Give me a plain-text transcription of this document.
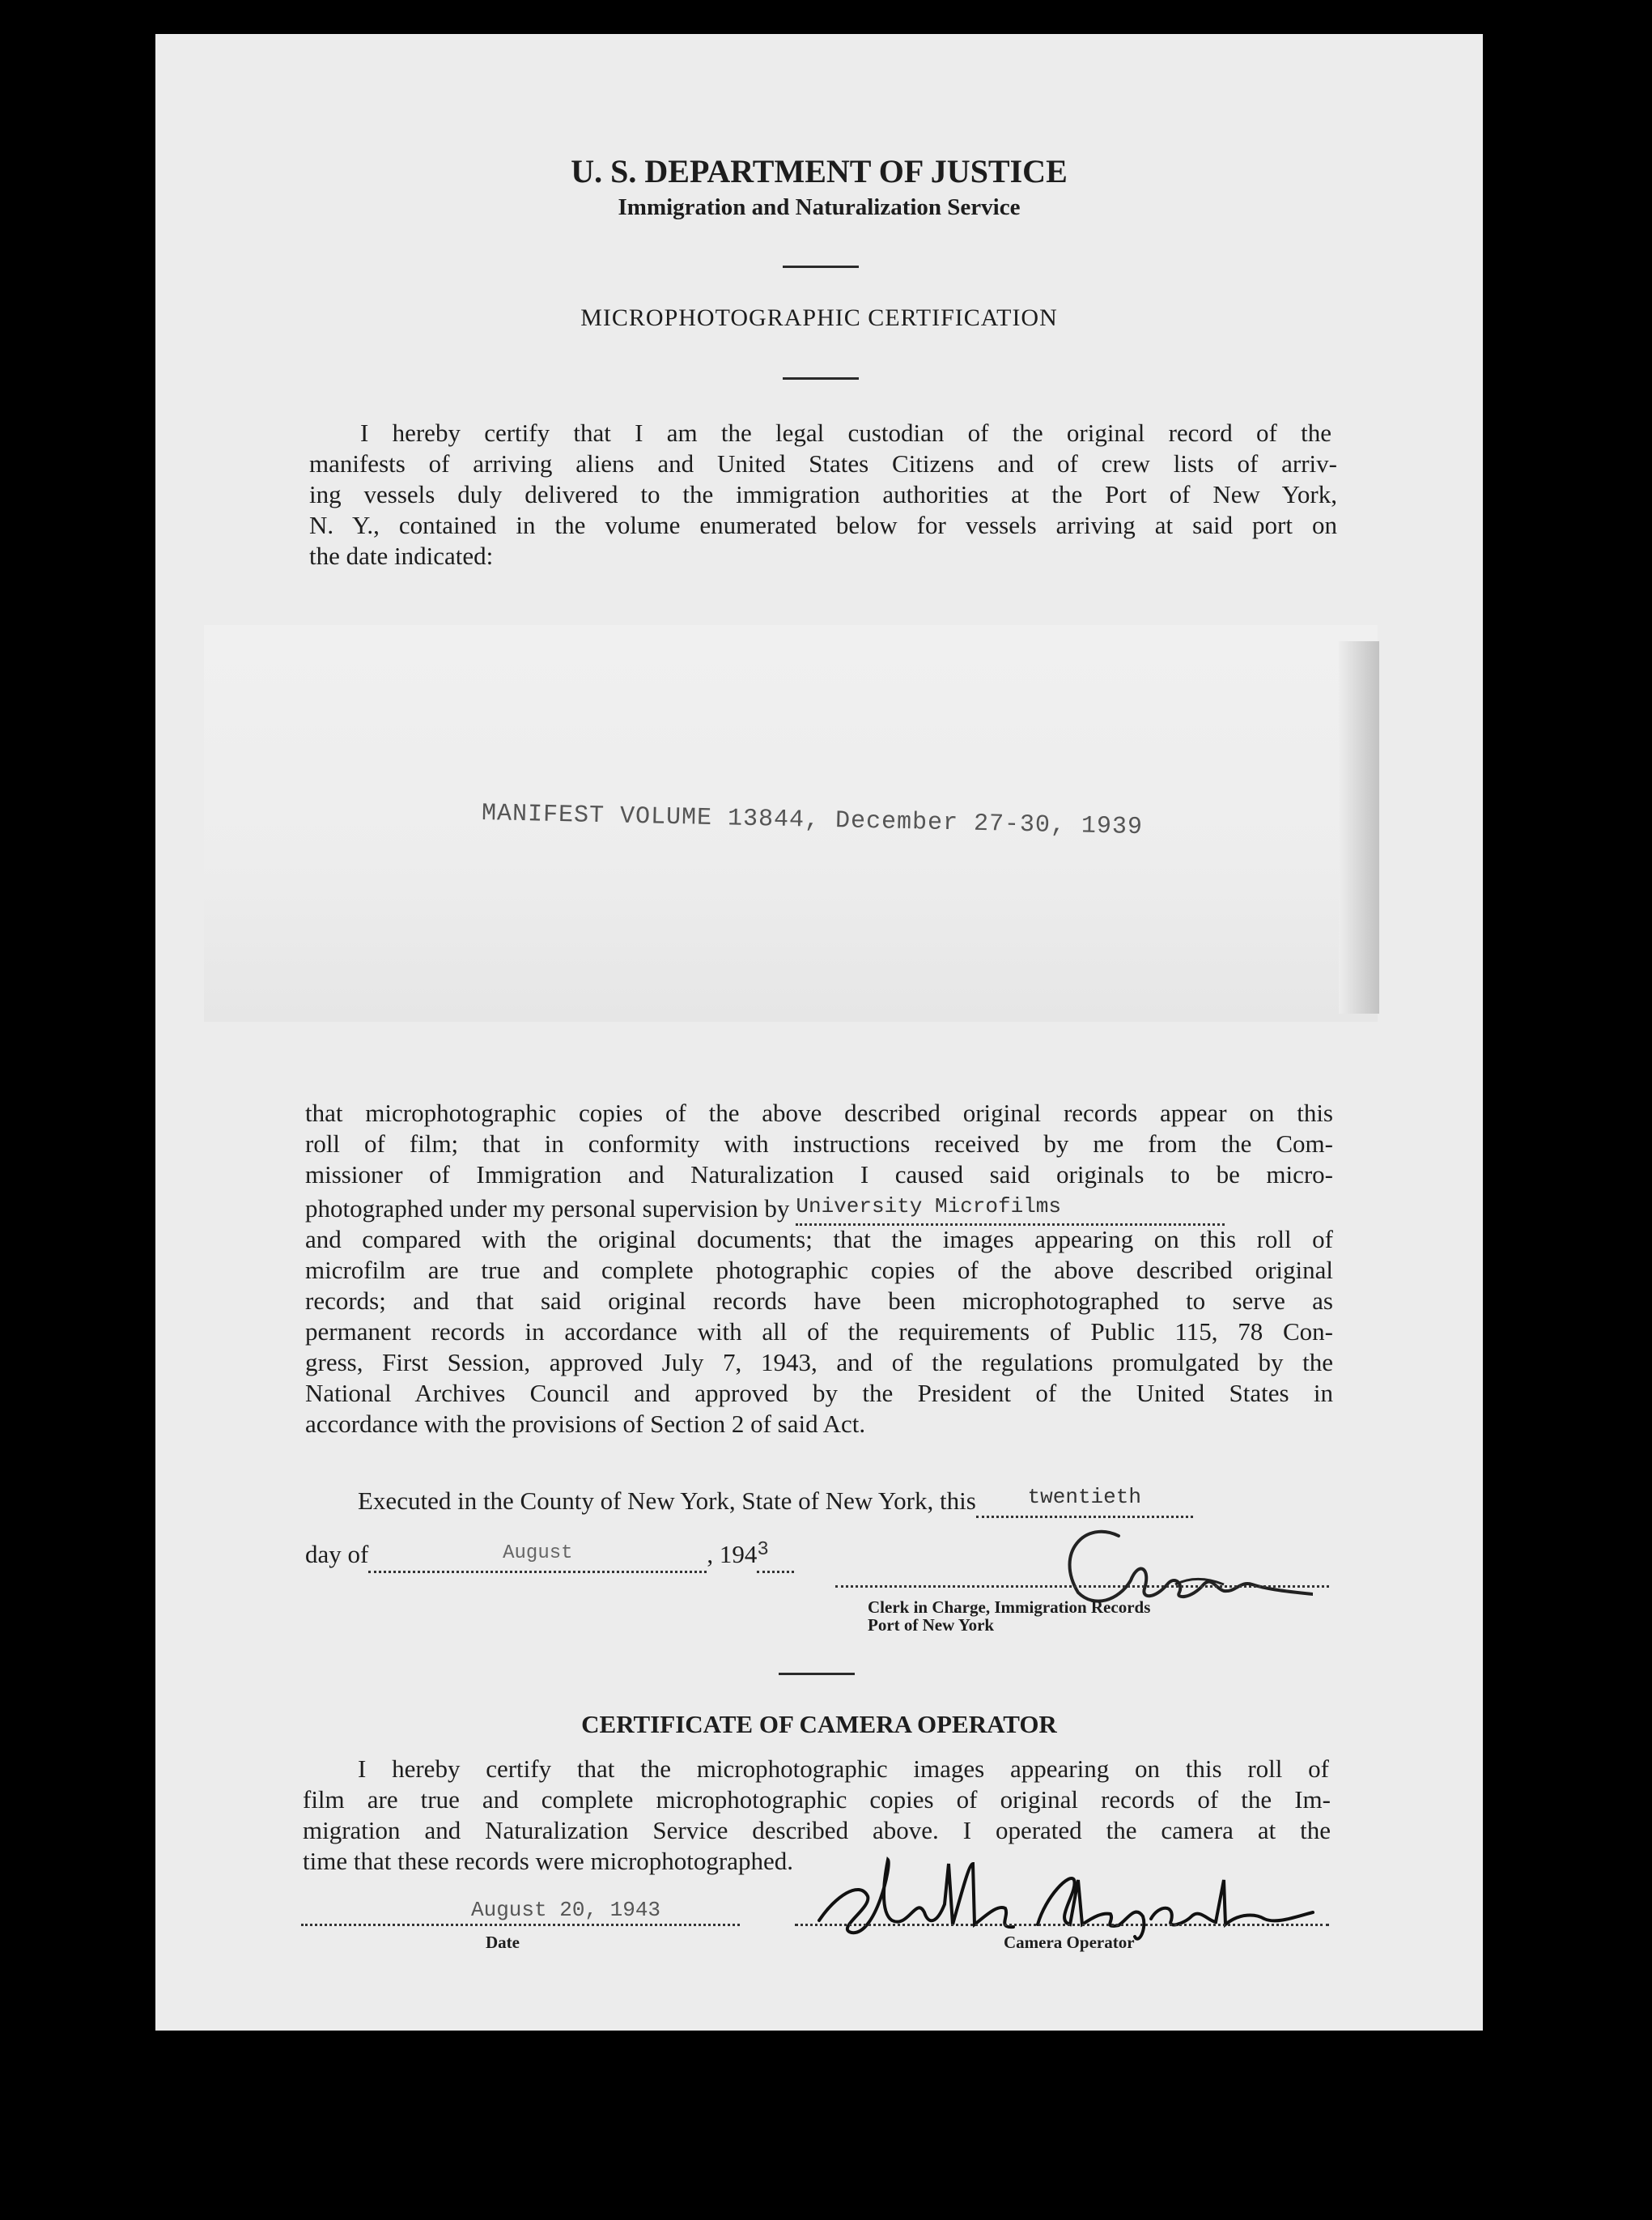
U. S. DEPARTMENT OF JUSTICE
Immigration and Naturalization Service
MICROPHOTOGRAPHIC CERTIFICATION

I hereby certify that I am the legal custodian of the original record of the

manifests of arriving aliens and United States Citizens and of crew lists of arriv-

ing vessels duly delivered to the immigration authorities at the Port of New York,

N. Y., contained in the volume enumerated below for vessels arriving at said port on

the date indicated:

MANIFEST VOLUME 13844, December 27-30, 1939

that microphotographic copies of the above described original records appear on this

roll of film; that in conformity with instructions received by me from the Com-

missioner of Immigration and Naturalization I caused said originals to be micro-

photographed under my personal supervision by University Microfilms

and compared with the original documents; that the images appearing on this roll of

microfilm are true and complete photographic copies of the above described original

records; and that said original records have been microphotographed to serve as

permanent records in accordance with all of the requirements of Public 115, 78 Con-

gress, First Session, approved July 7, 1943, and of the regulations promulgated by the

National Archives Council and approved by the President of the United States in

accordance with the provisions of Section 2 of said Act.

Executed in the County of New York, State of New York, this twentieth
day of	August	, 1943
Clerk in Charge, Immigration Records
Port of New York
CERTIFICATE OF CAMERA OPERATOR

I hereby certify that the microphotographic images appearing on this roll of

film are true and complete microphotographic copies of original records of the Im-

migration and Naturalization Service described above. I operated the camera at the

time that these records were microphotographed.

August 20, 1943
Date	Camera Operator
